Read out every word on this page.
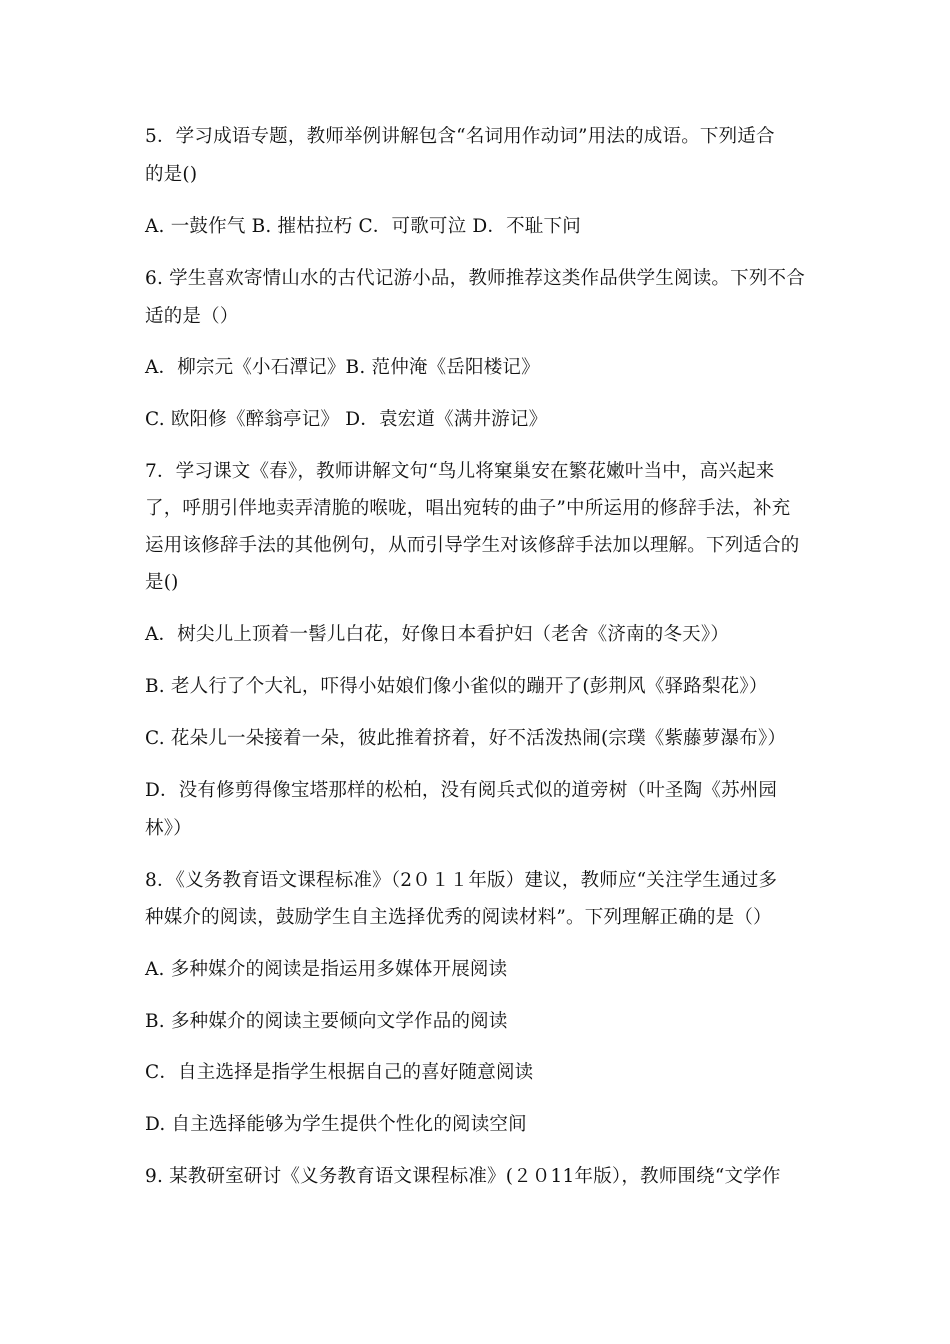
5．学习成语专题，教师举例讲解包含“名词用作动词”用法的成语。下列适合
的是()
A. 一鼓作气 B. 摧枯拉朽 C．可歌可泣 D．不耻下问
6. 学生喜欢寄情山水的古代记游小品，教师推荐这类作品供学生阅读。下列不合
适的是（）
A．柳宗元《小石潭记》B. 范仲淹《岳阳楼记》
C. 欧阳修《醉翁亭记》 D．袁宏道《满井游记》
7．学习课文《春》，教师讲解文句“鸟儿将窠巢安在繁花嫩叶当中，高兴起来
了，呼朋引伴地卖弄清脆的喉咙，唱出宛转的曲子”中所运用的修辞手法，补充
运用该修辞手法的其他例句，从而引导学生对该修辞手法加以理解。下列适合的
是()
A．树尖儿上顶着一髻儿白花，好像日本看护妇（老舍《济南的冬天》）
B. 老人行了个大礼，吓得小姑娘们像小雀似的蹦开了(彭荆风《驿路梨花》）
C. 花朵儿一朵接着一朵，彼此推着挤着，好不活泼热闹(宗璞《紫藤萝瀑布》）
D．没有修剪得像宝塔那样的松柏，没有阅兵式似的道旁树（叶圣陶《苏州园
林》）
8．《义务教育语文课程标准》（2０１１年版）建议，教师应“关注学生通过多
种媒介的阅读，鼓励学生自主选择优秀的阅读材料”。下列理解正确的是（）
A. 多种媒介的阅读是指运用多媒体开展阅读
B. 多种媒介的阅读主要倾向文学作品的阅读
C．自主选择是指学生根据自己的喜好随意阅读
D. 自主选择能够为学生提供个性化的阅读空间
9. 某教研室研讨《义务教育语文课程标准》(２０11年版），教师围绕“文学作
